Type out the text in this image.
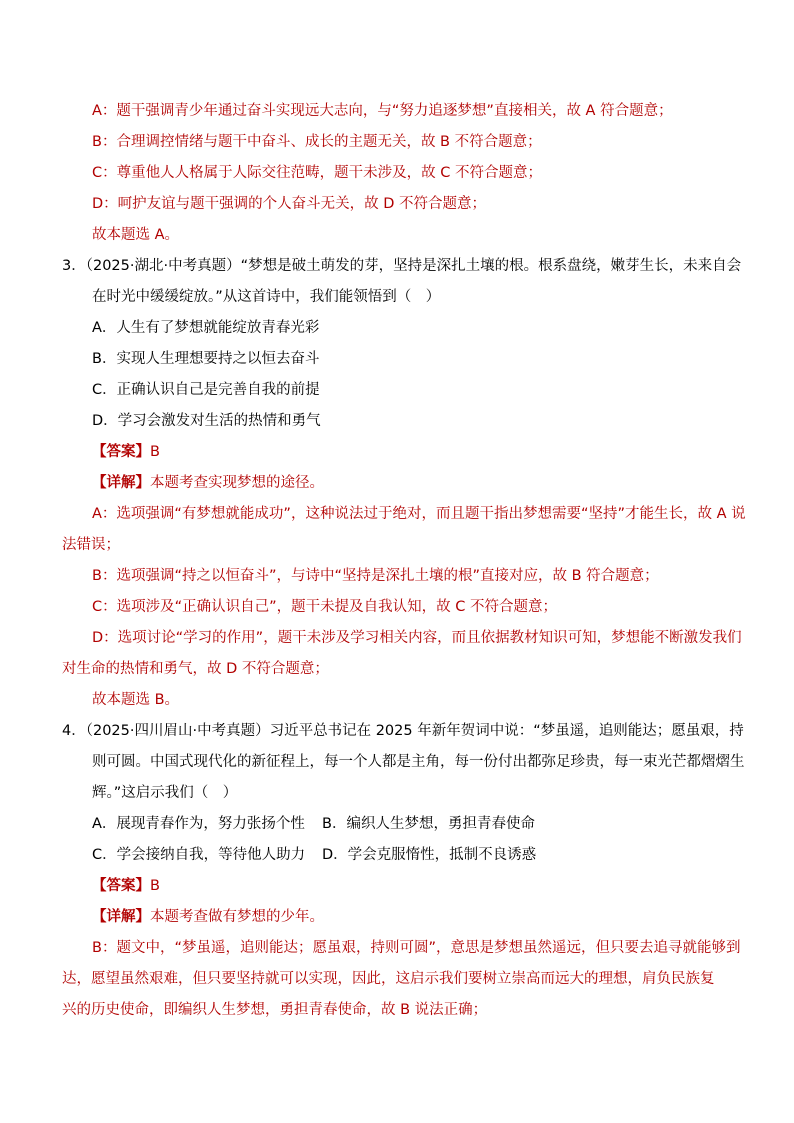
A：题干强调青少年通过奋斗实现远大志向，与“努力追逐梦想”直接相关，故 A 符合题意；
B：合理调控情绪与题干中奋斗、成长的主题无关，故 B 不符合题意；
C：尊重他人人格属于人际交往范畴，题干未涉及，故 C 不符合题意；
D：呵护友谊与题干强调的个人奋斗无关，故 D 不符合题意；
故本题选 A。
3．（2025·湖北·中考真题）“梦想是破土萌发的芽，坚持是深扎土壤的根。根系盘绕，嫩芽生长，未来自会
在时光中缓缓绽放。”从这首诗中，我们能领悟到（　）
A．人生有了梦想就能绽放青春光彩
B．实现人生理想要持之以恒去奋斗
C．正确认识自己是完善自我的前提
D．学习会激发对生活的热情和勇气
【答案】B
【详解】本题考查实现梦想的途径。
A：选项强调“有梦想就能成功”，这种说法过于绝对，而且题干指出梦想需要“坚持”才能生长，故 A 说
法错误；
B：选项强调“持之以恒奋斗”，与诗中“坚持是深扎土壤的根”直接对应，故 B 符合题意；
C：选项涉及“正确认识自己”，题干未提及自我认知，故 C 不符合题意；
D：选项讨论“学习的作用”，题干未涉及学习相关内容，而且依据教材知识可知，梦想能不断激发我们
对生命的热情和勇气，故 D 不符合题意；
故本题选 B。
4．（2025·四川眉山·中考真题）习近平总书记在 2025 年新年贺词中说：“梦虽遥，追则能达；愿虽艰，持
则可圆。中国式现代化的新征程上，每一个人都是主角，每一份付出都弥足珍贵，每一束光芒都熠熠生
辉。”这启示我们（　）
A．展现青春作为，努力张扬个性 B．编织人生梦想，勇担青春使命
C．学会接纳自我，等待他人助力 D．学会克服惰性，抵制不良诱惑
【答案】B
【详解】本题考查做有梦想的少年。
B：题文中，“梦虽遥，追则能达；愿虽艰，持则可圆”，意思是梦想虽然遥远，但只要去追寻就能够到
达，愿望虽然艰难，但只要坚持就可以实现，因此，这启示我们要树立崇高而远大的理想，肩负民族复
兴的历史使命，即编织人生梦想，勇担青春使命，故 B 说法正确；
